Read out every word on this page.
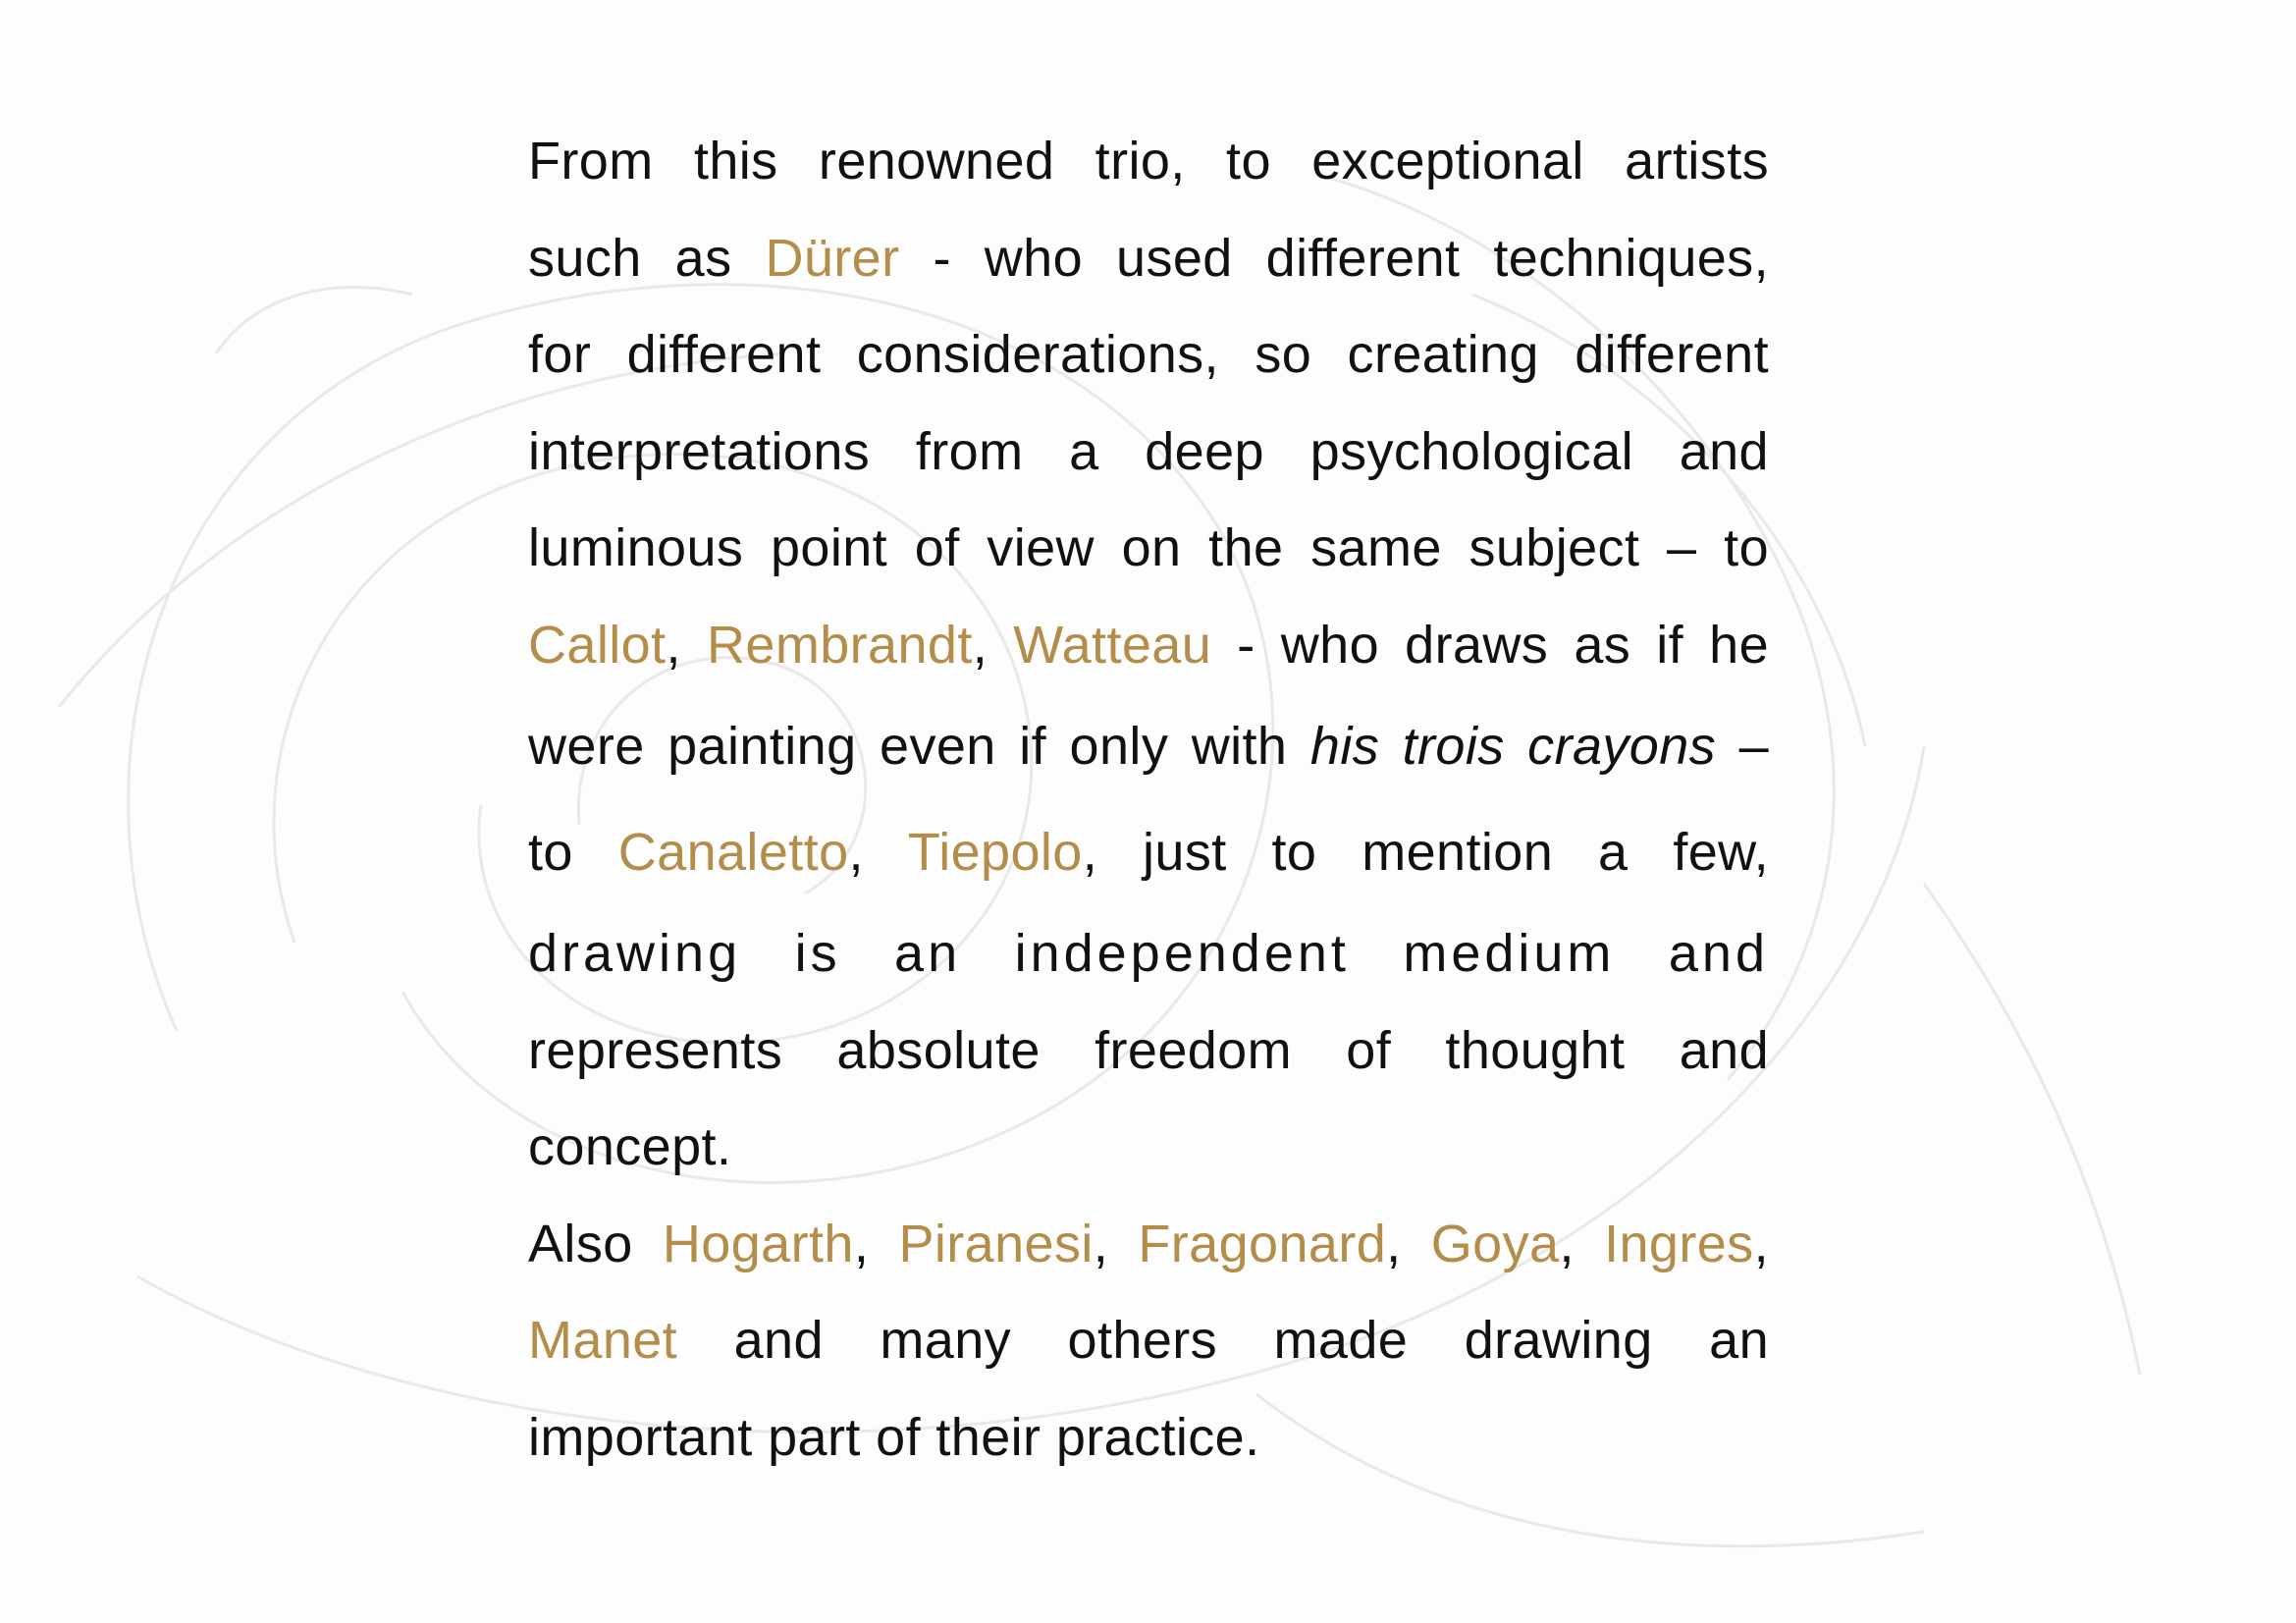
From this renowned trio, to exceptional artists
such as Dürer - who used different techniques,
for different considerations, so creating different
interpretations from a deep psychological and
luminous point of view on the same subject – to
Callot, Rembrandt, Watteau - who draws as if he
were painting even if only with his trois crayons –
to Canaletto, Tiepolo, just to mention a few,
drawing is an independent medium and
represents absolute freedom of thought and
concept.
Also Hogarth, Piranesi, Fragonard, Goya, Ingres,
Manet and many others made drawing an
important part of their practice.
